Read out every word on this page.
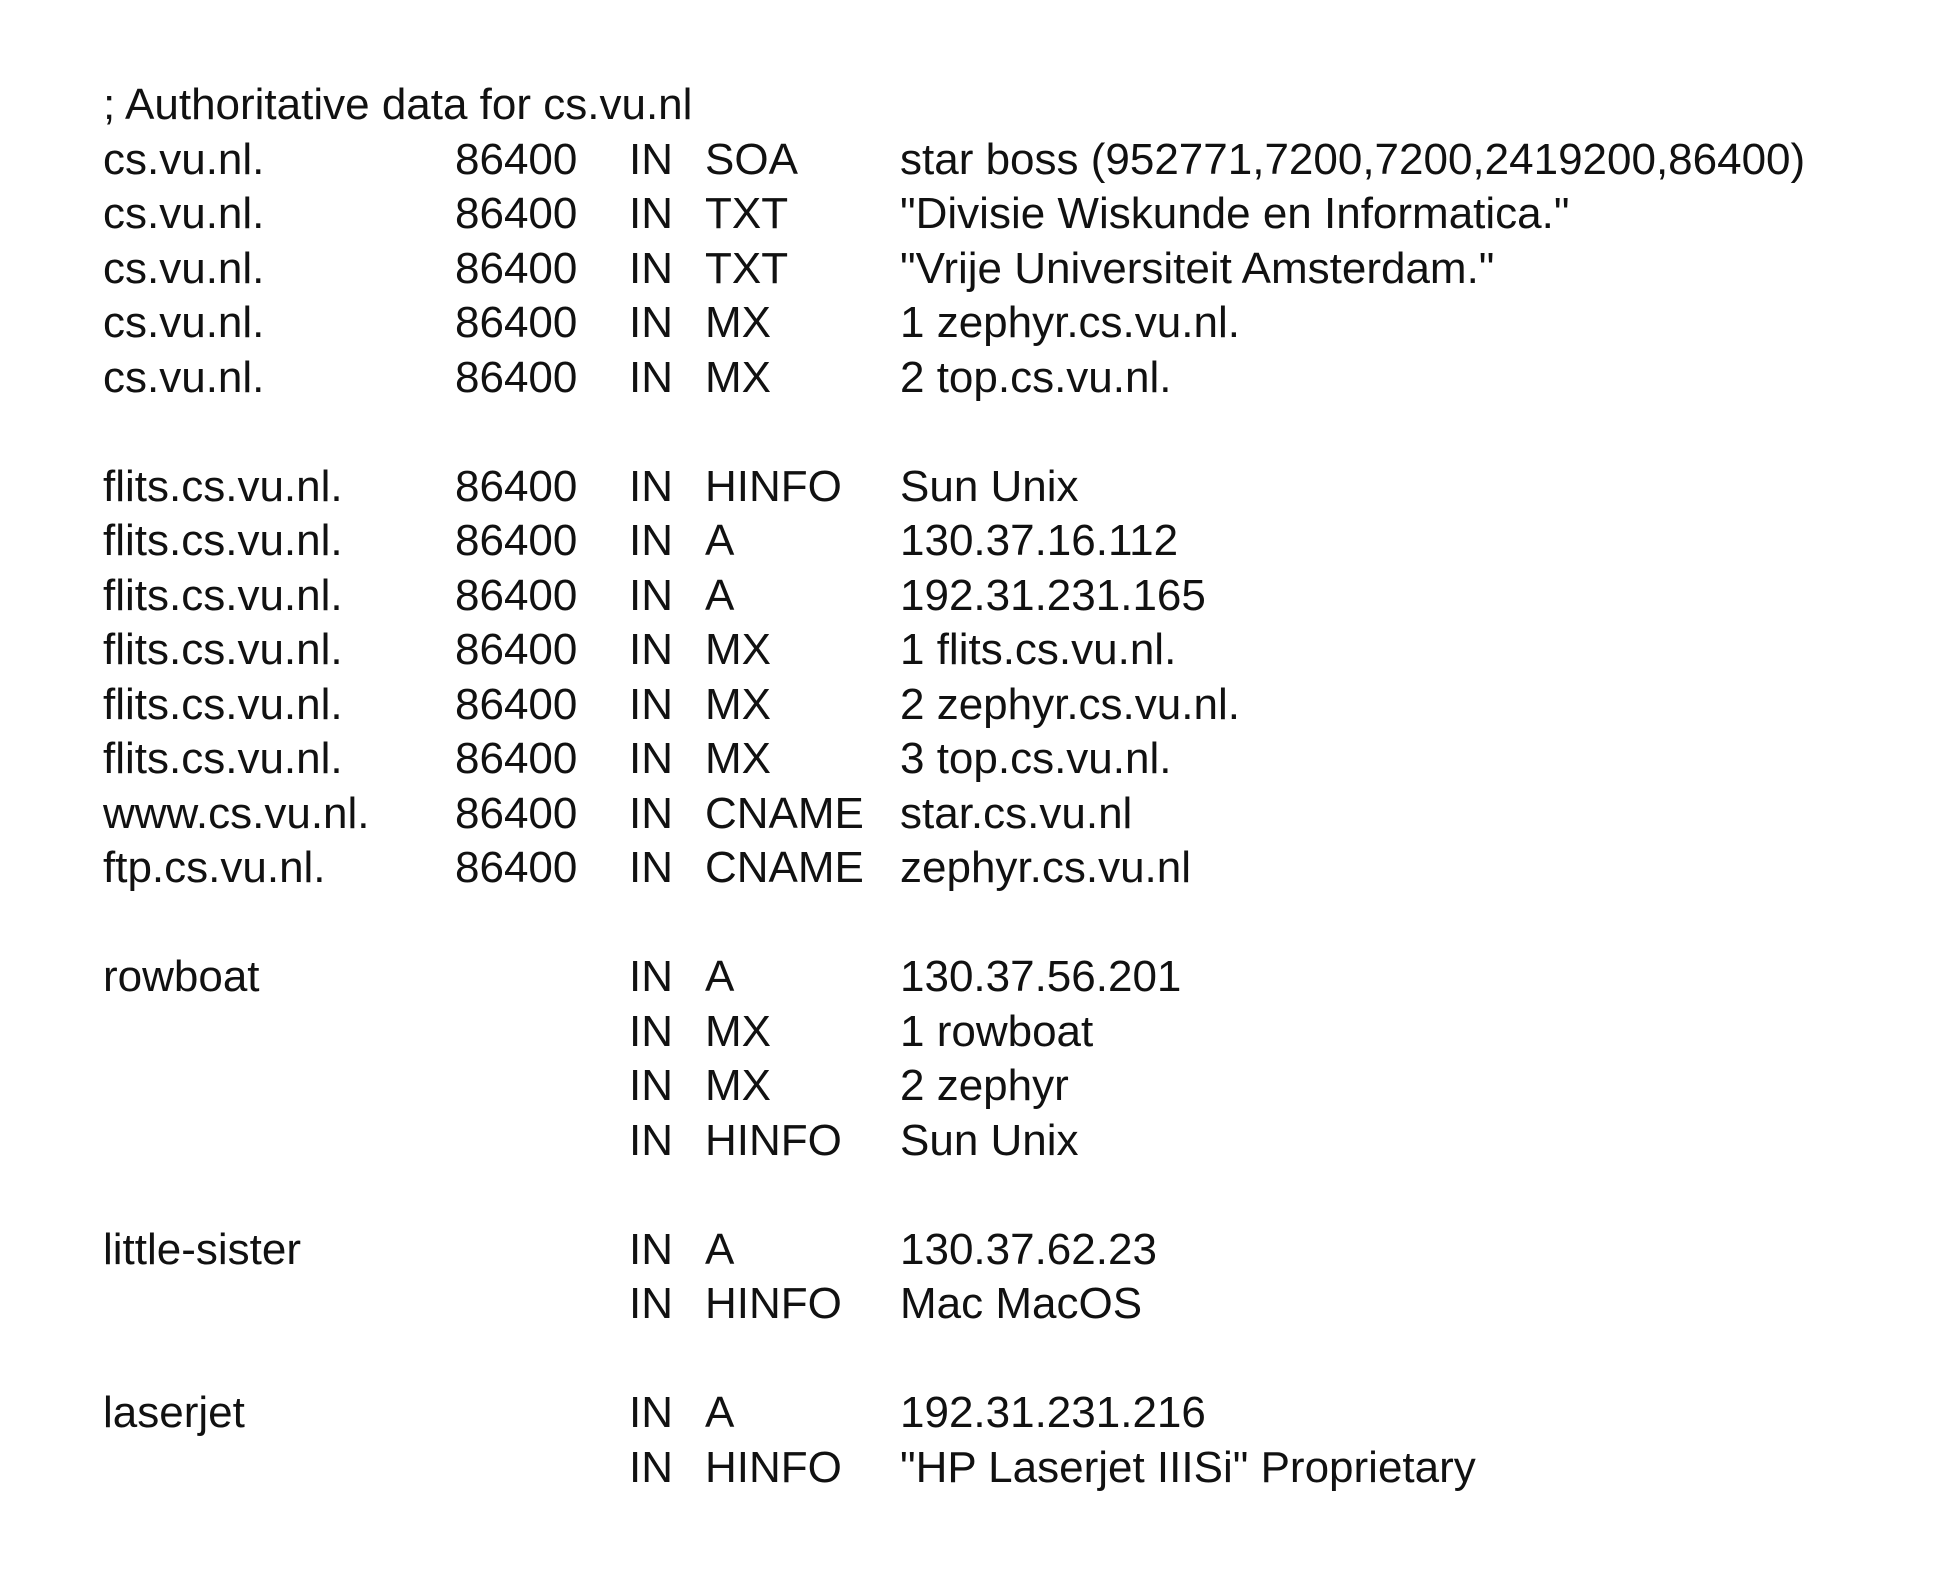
; Authoritative data for cs.vu.nl
cs.vu.nl.	86400 IN SOA star boss (952771,7200,7200,2419200,86400)
cs.vu.nl.	86400 IN TXT	"Divisie Wiskunde en Informatica."
cs.vu.nl.	86400 IN TXT	"Vrije Universiteit Amsterdam."
cs.vu.nl.	86400 IN MX	1 zephyr.cs.vu.nl.
cs.vu.nl.	86400 IN MX	2 top.cs.vu.nl.
flits.cs.vu.nl.	86400 IN HINFO Sun Unix
flits.cs.vu.nl.	86400 IN A	130.37.16.112
flits.cs.vu.nl.	86400 IN A	192.31.231.165
flits.cs.vu.nl.	86400 IN MX	1 flits.cs.vu.nl.
flits.cs.vu.nl.	86400 IN MX	2 zephyr.cs.vu.nl.
flits.cs.vu.nl.	86400 IN MX	3 top.cs.vu.nl.
www.cs.vu.nl. 86400 IN CNAME star.cs.vu.nl
ftp.cs.vu.nl.	86400 IN CNAME zephyr.cs.vu.nl
rowboat	IN A	130.37.56.201
IN MX	1 rowboat
IN MX	2 zephyr
IN HINFO Sun Unix
little-sister	IN A	130.37.62.23
IN HINFO Mac MacOS
laserjet	IN A	192.31.231.216
IN HINFO "HP Laserjet IIISi" Proprietary
